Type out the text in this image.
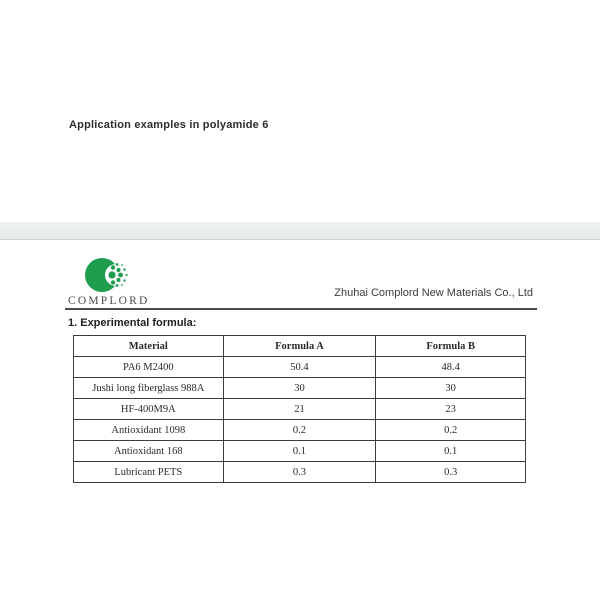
Application examples in polyamide 6
COMPLORD
Zhuhai Complord New Materials Co., Ltd
1. Experimental formula:
Material	Formula A	Formula B
PA6 M2400	50.4	48.4
Jushi long fiberglass 988A	30	30
HF-400M9A	21	23
Antioxidant 1098	0.2	0.2
Antioxidant 168	0.1	0.1
Lubricant PETS	0.3	0.3
